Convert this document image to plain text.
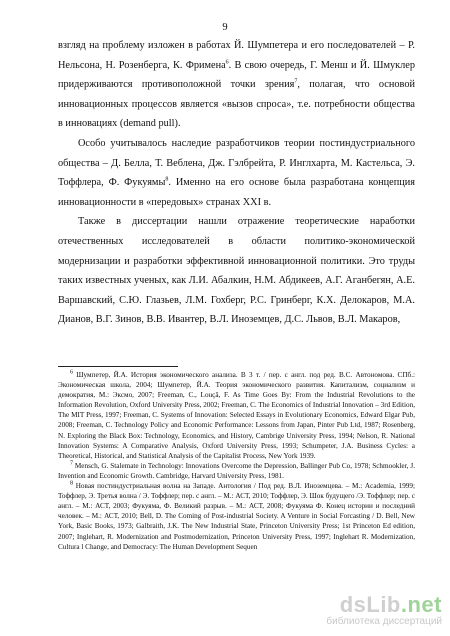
9

взгляд на проблему изложен в работах Й. Шумпетера и его последователей – Р. Нельсона, Н. Розенберга, К. Фримена$^6$. В свою очередь, Г. Менш и Й. Шмуклер придерживаются противоположной точки зрения$^7$, полагая, что основой инновационных процессов является «вызов спроса», т.е. потребности общества в инновациях (demand pull).

Особо учитывалось наследие разработчиков теории постиндустриального общества – Д. Белла, Т. Веблена, Дж. Гэлбрейта, Р. Инглхарта, М. Кастельса, Э. Тоффлера, Ф. Фукуямы$^8$. Именно на его основе была разработана концепция инновационности в «передовых» странах XXI в.

Также в диссертации нашли отражение теоретические наработки отечественных исследователей в области политико-экономической модернизации и разработки эффективной инновационной политики. Это труды таких известных ученых, как Л.И. Абалкин, Н.М. Абдикеев, А.Г. Аганбегян, А.Е. Варшавский, С.Ю. Глазьев, Л.М. Гохберг, Р.С. Гринберг, К.Х. Делокаров, М.А. Дианов, В.Г. Зинов, В.В. Ивантер, В.Л. Иноземцев, Д.С. Львов, В.Л. Макаров,

$^6$ Шумпетер, Й.А. История экономического анализа. В 3 т. / пер. с англ. под ред. В.С. Автономова. СПб.: Экономическая школа, 2004; Шумпетер, Й.А. Теория экономического развития. Капитализм, социализм и демократия, М.: Эксмо, 2007; Freeman, C., Louçã, F. As Time Goes By: From the Industrial Revolutions to the Information Revolution, Oxford University Press, 2002; Freeman, C. The Economics of Industrial Innovation – 3rd Edition, The MIT Press, 1997; Freeman, C. Systems of Innovation: Selected Essays in Evolutionary Economics, Edward Elgar Pub, 2008; Freeman, C. Technology Policy and Economic Performance: Lessons from Japan, Pinter Pub Ltd, 1987; Rosenberg, N. Exploring the Black Box: Technology, Economics, and History, Cambrige University Press, 1994; Nelson, R. National Innovation Systems: A Comparative Analysis, Oxford University Press, 1993; Schumpeter, J.A. Business Cycles: a Theoretical, Historical, and Statistical Analysis of the Capitalist Process, New York 1939.

$^7$ Mensch, G. Stalemate in Technology: Innovations Overcome the Depression, Ballinger Pub Co, 1978; Schmookler, J. Invention and Economic Growth. Cambridge, Harvard University Press, 1981.

$^8$ Новая постиндустриальная волна на Западе. Антология / Под ред. В.Л. Иноземцева. – М.: Academia, 1999; Тоффлер, Э. Третья волна / Э. Тоффлер; пер. с англ. – М.: АСТ, 2010; Тоффлер, Э. Шок будущего /Э. Тоффлер; пер. с англ. – М.: АСТ, 2003; Фукуяма, Ф. Великий разрыв. – М.: АСТ, 2008; Фукуяма Ф. Конец истории и последний человек. – М.: АСТ, 2010; Bell, D. The Coming of Post-industrial Society. A Venture in Social Forcasting / D. Bell, New York, Basic Books, 1973; Galbraith, J.K. The New Industrial State, Princeton University Press; 1st Princeton Ed edition, 2007; Inglehart, R. Modernization and Postmodernization, Princeton University Press, 1997; Inglehart R. Modernization, Cultura l Change, and Democracy: The Human Development Sequen

dsLib.net
библиотека диссертаций
